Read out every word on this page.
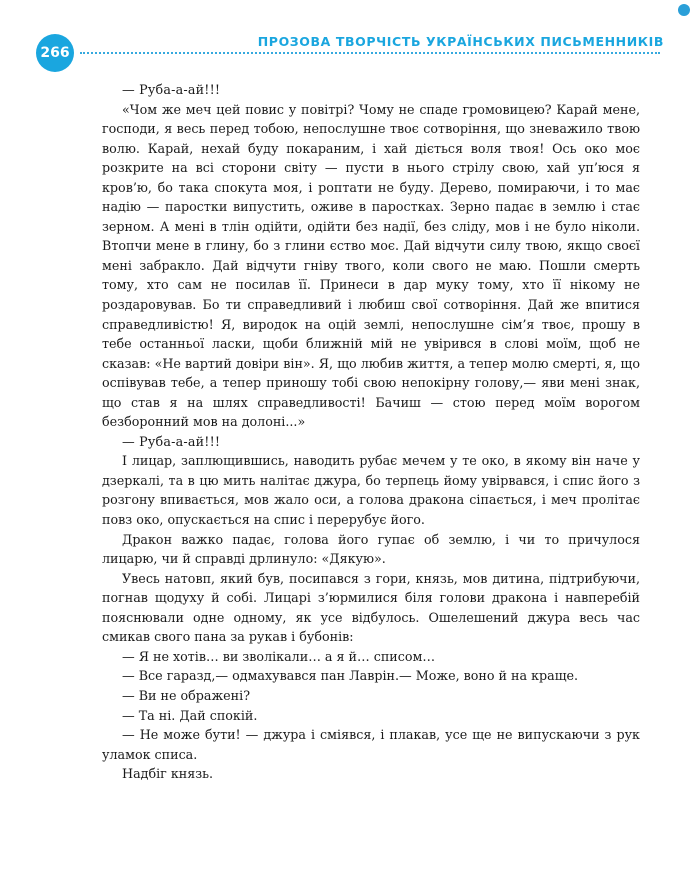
266
ПРОЗОВА ТВОРЧІСТЬ УКРАЇНСЬКИХ ПИСЬМЕННИКІВ

— Руба-а-ай!!!

«Чом же меч цей повис у повітрі? Чому не спаде громовицею? Карай мене, господи, я весь перед тобою, непослушне твоє сотворіння, що зневажило твою волю. Карай, нехай буду покараним, і хай діється воля твоя! Ось око моє розкрите на всі сторони світу — пусти в нього стрілу свою, хай уп’юся я кров’ю, бо така спокута моя, і роптати не буду. Дерево, помираючи, і то має надію — паростки випустить, оживе в паростках. Зерно падає в землю і стає зерном. А мені в тлін одійти, одійти без надії, без сліду, мов і не було ніколи. Втопчи мене в глину, бо з глини єство моє. Дай відчути силу твою, якщо своєї мені забракло. Дай відчути гніву твого, коли свого не маю. Пошли смерть тому, хто сам не посилав її. Принеси в дар муку тому, хто її нікому не роздаровував. Бо ти справедливий і любиш свої сотворіння. Дай же впитися справедливістю! Я, виродок на оцій землі, непослушне сім’я твоє, прошу в тебе останньої ласки, щоби ближній мій не увірився в слові моїм, щоб не сказав: «Не вартий довіри він». Я, що любив життя, а тепер молю смерті, я, що оспівував тебе, а тепер приношу тобі свою непокірну голову,— яви мені знак, що став я на шлях справедливості! Бачиш — стою перед моїм ворогом безборонний мов на долоні...»

— Руба-а-ай!!!

І лицар, заплющившись, наводить рубає мечем у те око, в якому він наче у дзеркалі, та в цю мить налітає джура, бо терпець йому увірвався, і спис його з розгону впивається, мов жало оси, а голова дракона сіпається, і меч пролітає повз око, опускається на спис і перерубує його.

Дракон важко падає, голова його гупає об землю, і чи то причулося лицарю, чи й справді дрлинуло: «Дякую».

Увесь натовп, який був, посипався з гори, князь, мов дитина, підтрибуючи, погнав щодуху й собі. Лицарі з’юрмилися біля голови дракона і навперебій пояснювали одне одному, як усе відбулось. Ошелешений джура весь час смикав свого пана за рукав і бубонів:

— Я не хотів… ви зволікали… а я й… списом…

— Все гаразд,— одмахувався пан Лаврін.— Може, воно й на краще.

— Ви не ображені?

— Та ні. Дай спокій.

— Не може бути! — джура і сміявся, і плакав, усе ще не випускаючи з рук уламок списа.

Надбіг князь.
